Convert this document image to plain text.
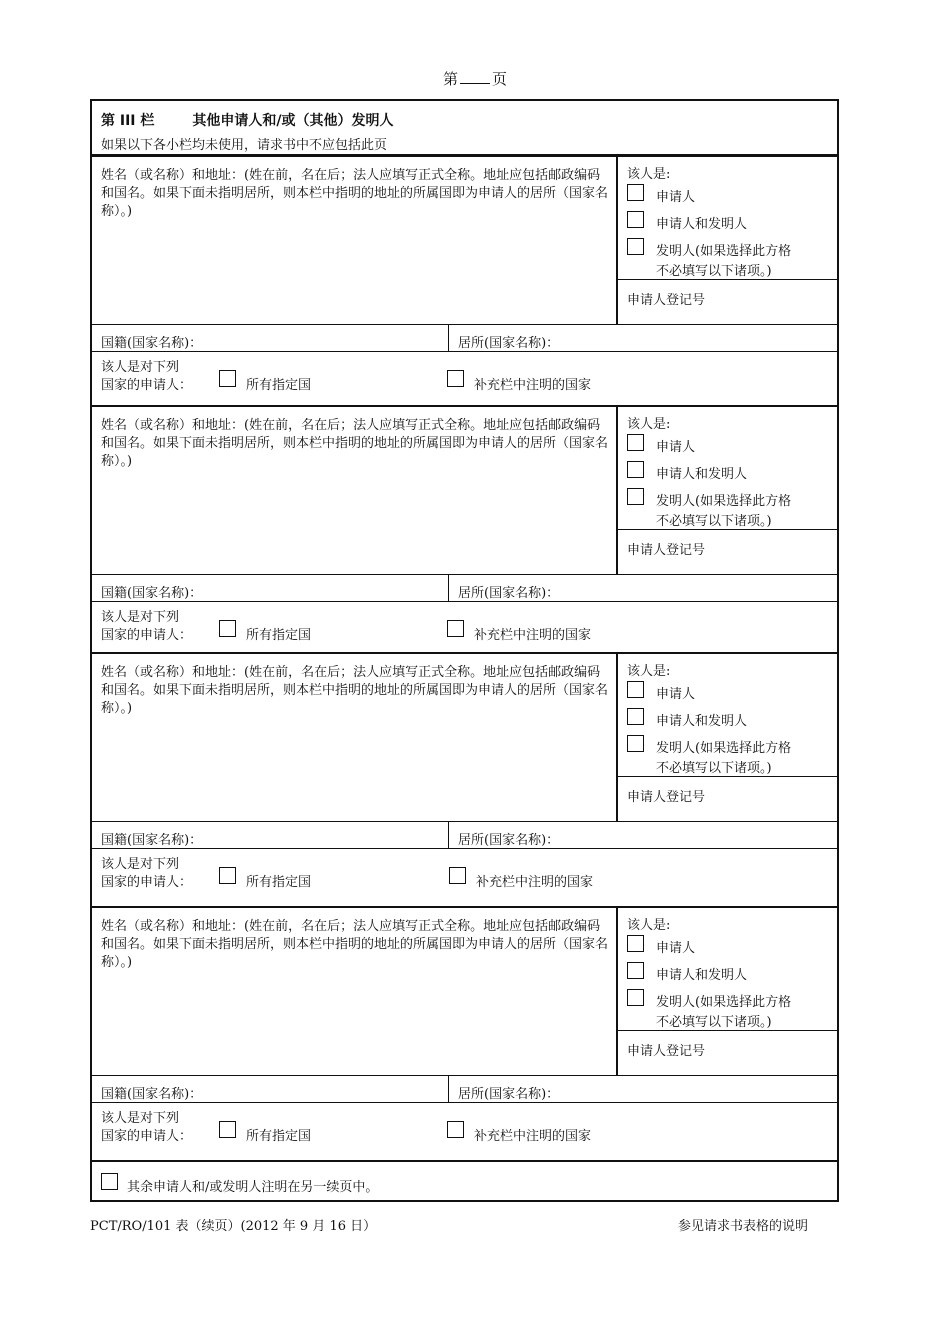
第 页
第 III 栏	其他申请人和/或（其他）发明人
如果以下各小栏均未使用，请求书中不应包括此页
姓名（或名称）和地址：(姓在前，名在后；法人应填写正式全称。地址应包括邮政编码和国名。如果下面未指明居所，则本栏中指明的地址的所属国即为申请人的居所（国家名称）。)
该人是:
申请人
申请人和发明人
发明人(如果选择此方格
不必填写以下诸项。)
申请人登记号
国籍(国家名称)：	居所(国家名称)：
该人是对下列
国家的申请人：	所有指定国	补充栏中注明的国家
姓名（或名称）和地址：(姓在前，名在后；法人应填写正式全称。地址应包括邮政编码和国名。如果下面未指明居所，则本栏中指明的地址的所属国即为申请人的居所（国家名称）。)
该人是:
申请人
申请人和发明人
发明人(如果选择此方格
不必填写以下诸项。)
申请人登记号
国籍(国家名称)：	居所(国家名称)：
该人是对下列
国家的申请人：	所有指定国	补充栏中注明的国家
姓名（或名称）和地址：(姓在前，名在后；法人应填写正式全称。地址应包括邮政编码和国名。如果下面未指明居所，则本栏中指明的地址的所属国即为申请人的居所（国家名称）。)
该人是:
申请人
申请人和发明人
发明人(如果选择此方格
不必填写以下诸项。)
申请人登记号
国籍(国家名称)：	居所(国家名称)：
该人是对下列
国家的申请人：	所有指定国	补充栏中注明的国家
姓名（或名称）和地址：(姓在前，名在后；法人应填写正式全称。地址应包括邮政编码和国名。如果下面未指明居所，则本栏中指明的地址的所属国即为申请人的居所（国家名称）。)
该人是:
申请人
申请人和发明人
发明人(如果选择此方格
不必填写以下诸项。)
申请人登记号
国籍(国家名称)：	居所(国家名称)：
该人是对下列
国家的申请人：	所有指定国	补充栏中注明的国家
其余申请人和/或发明人注明在另一续页中。
PCT/RO/101 表（续页）(2012 年 9 月 16 日）	参见请求书表格的说明
